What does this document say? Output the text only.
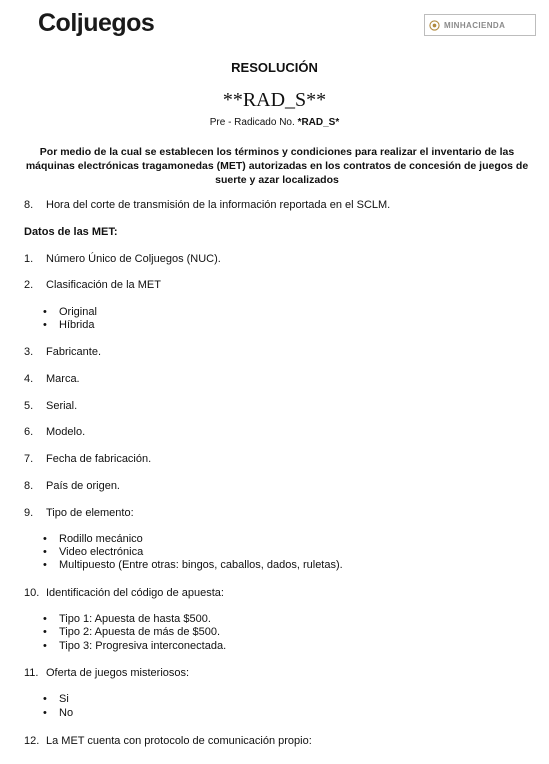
Coljuegos	MINHACIENDA
RESOLUCIÓN
**RAD_S**
Pre - Radicado No. *RAD_S*
Por medio de la cual se establecen los términos y condiciones para realizar el inventario de las máquinas electrónicas tragamonedas (MET) autorizadas en los contratos de concesión de juegos de suerte y azar localizados
8. Hora del corte de transmisión de la información reportada en el SCLM.
Datos de las MET:
1. Número Único de Coljuegos (NUC).
2. Clasificación de la MET
• Original
• Híbrida
3. Fabricante.
4. Marca.
5. Serial.
6. Modelo.
7. Fecha de fabricación.
8. País de origen.
9. Tipo de elemento:
• Rodillo mecánico
• Video electrónica
• Multipuesto (Entre otras: bingos, caballos, dados, ruletas).
10. Identificación del código de apuesta:
• Tipo 1: Apuesta de hasta $500.
• Tipo 2: Apuesta de más de $500.
• Tipo 3: Progresiva interconectada.
11. Oferta de juegos misteriosos:
• Si
• No
12. La MET cuenta con protocolo de comunicación propio:
